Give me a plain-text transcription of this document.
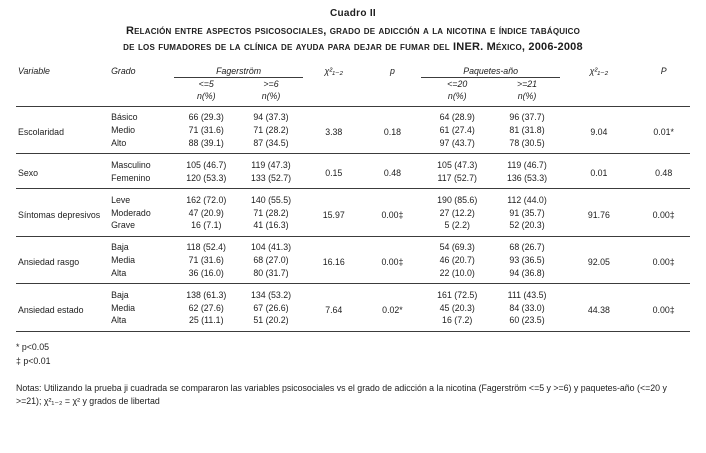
Cuadro II
Relación entre aspectos psicosociales, grado de adicción a la nicotina e índice tabáquico
de los fumadores de la clínica de ayuda para dejar de fumar del INER. México, 2006-2008
Variable	Grado	Fagerström		χ²₁₋₂	p	Paquetes-año		χ²₁₋₂	P
		<=5	>=6			<=20	>=21		
		n(%)	n(%)			n(%)	n(%)		
Escolaridad	Básico	66 (29.3)	94 (37.3)	3.38	0.18	64 (28.9)	96 (37.7)	9.04	0.01*
	Medio	71 (31.6)	71 (28.2)			61 (27.4)	81 (31.8)		
	Alto	88 (39.1)	87 (34.5)			97 (43.7)	78 (30.5)		
Sexo	Masculino	105 (46.7)	119 (47.3)	0.15	0.48	105 (47.3)	119 (46.7)	0.01	0.48
	Femenino	120 (53.3)	133 (52.7)			117 (52.7)	136 (53.3)		
Síntomas depresivos	Leve	162 (72.0)	140 (55.5)	15.97	0.00‡	190 (85.6)	112 (44.0)	91.76	0.00‡
	Moderado	47 (20.9)	71 (28.2)			27 (12.2)	91 (35.7)		
	Grave	16 (7.1)	41 (16.3)			5 (2.2)	52 (20.3)		
Ansiedad rasgo	Baja	118 (52.4)	104 (41.3)	16.16	0.00‡	54 (69.3)	68 (26.7)	92.05	0.00‡
	Media	71 (31.6)	68 (27.0)			46 (20.7)	93 (36.5)		
	Alta	36 (16.0)	80 (31.7)			22 (10.0)	94 (36.8)		
Ansiedad estado	Baja	138 (61.3)	134 (53.2)	7.64	0.02*	161 (72.5)	111 (43.5)	44.38	0.00‡
	Media	62 (27.6)	67 (26.6)			45 (20.3)	84 (33.0)		
	Alta	25 (11.1)	51 (20.2)			16 (7.2)	60 (23.5)		
* p<0.05
‡ p<0.01
Notas: Utilizando la prueba ji cuadrada se compararon las variables psicosociales vs el grado de adicción a la nicotina (Fagerström <=5 y >=6) y paquetes-año (<=20 y >=21); χ²₁₋₂ = χ² y grados de libertad
